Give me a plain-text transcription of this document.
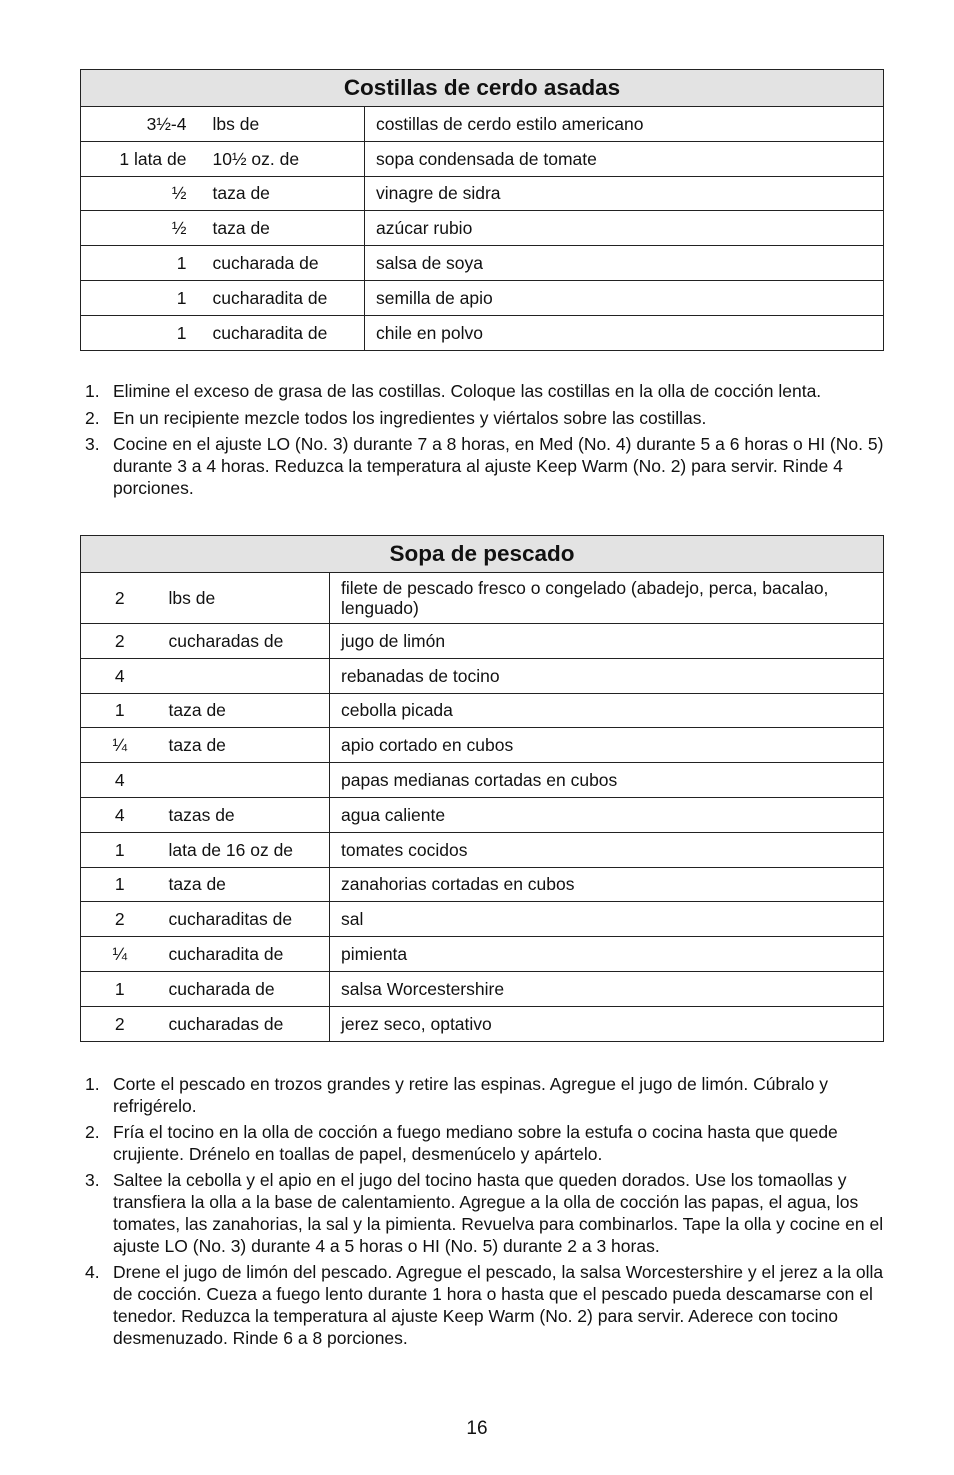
Costillas de cerdo asadas		
3½-4	lbs de	costillas de cerdo estilo americano
1 lata de	10½ oz. de	sopa condensada de tomate
½	taza de	vinagre de sidra
½	taza de	azúcar rubio
1	cucharada de	salsa de soya
1	cucharadita de	semilla de apio
1	cucharadita de	chile en polvo
1. Elimine el exceso de grasa de las costillas. Coloque las costillas en la olla de cocción lenta.
2. En un recipiente mezcle todos los ingredientes y viértalos sobre las costillas.
3. Cocine en el ajuste LO (No. 3) durante 7 a 8 horas, en Med (No. 4) durante 5 a 6 horas o HI (No. 5) durante 3 a 4 horas. Reduzca la temperatura al ajuste Keep Warm (No. 2) para servir. Rinde 4 porciones.
Sopa de pescado		
2	lbs de	filete de pescado fresco o congelado (abadejo, perca, bacalao, lenguado)
2	cucharadas de	jugo de limón
4		rebanadas de tocino
1	taza de	cebolla picada
¼	taza de	apio cortado en cubos
4		papas medianas cortadas en cubos
4	tazas de	agua caliente
1	lata de 16 oz de	tomates cocidos
1	taza de	zanahorias cortadas en cubos
2	cucharaditas de	sal
¼	cucharadita de	pimienta
1	cucharada de	salsa Worcestershire
2	cucharadas de	jerez seco, optativo
1. Corte el pescado en trozos grandes y retire las espinas. Agregue el jugo de limón. Cúbralo y refrigérelo.
2. Fría el tocino en la olla de cocción a fuego mediano sobre la estufa o cocina hasta que quede crujiente. Drénelo en toallas de papel, desmenúcelo y apártelo.
3. Saltee la cebolla y el apio en el jugo del tocino hasta que queden dorados. Use los tomaollas y transfiera la olla a la base de calentamiento. Agregue a la olla de cocción las papas, el agua, los tomates, las zanahorias, la sal y la pimienta. Revuelva para combinarlos. Tape la olla y cocine en el ajuste LO (No. 3) durante 4 a 5 horas o HI (No. 5) durante 2 a 3 horas.
4. Drene el jugo de limón del pescado. Agregue el pescado, la salsa Worcestershire y el jerez a la olla de cocción. Cueza a fuego lento durante 1 hora o hasta que el pescado pueda descamarse con el tenedor. Reduzca la temperatura al ajuste Keep Warm (No. 2) para servir. Aderece con tocino desmenuzado. Rinde 6 a 8 porciones.
16
